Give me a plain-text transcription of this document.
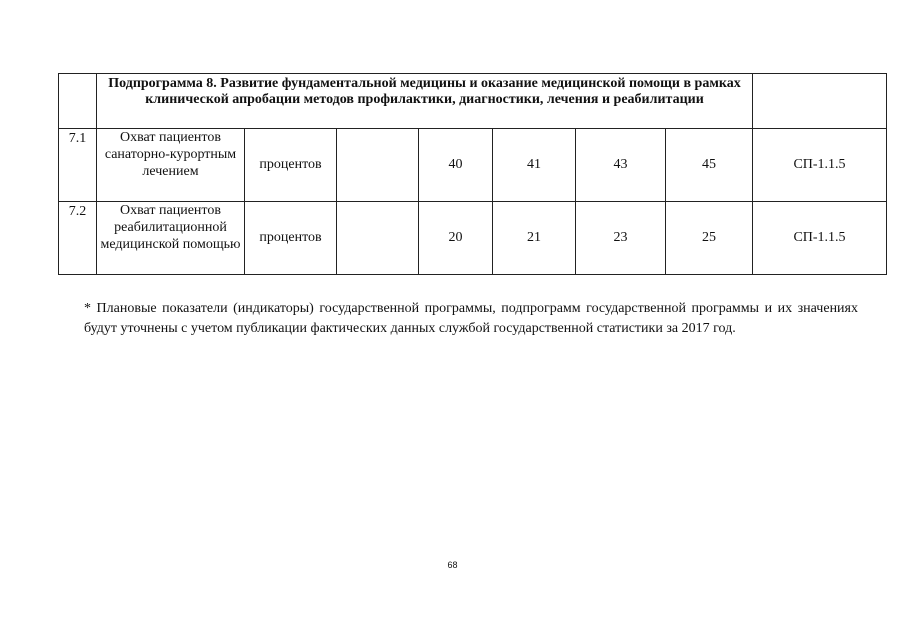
	Подпрограмма 8. Развитие фундаментальной медицины и оказание медицинской помощи в рамках клинической апробации методов профилактики, диагностики, лечения и реабилитации							
7.1	Охват пациентов санаторно-курортным лечением	процентов		40	41	43	45	СП-1.1.5
7.2	Охват пациентов реабилитационной медицинской помощью	процентов		20	21	23	25	СП-1.1.5

* Плановые показатели (индикаторы) государственной программы, подпрограмм государственной программы и их значениях будут уточнены с учетом публикации фактических данных службой государственной статистики за 2017 год.

68
